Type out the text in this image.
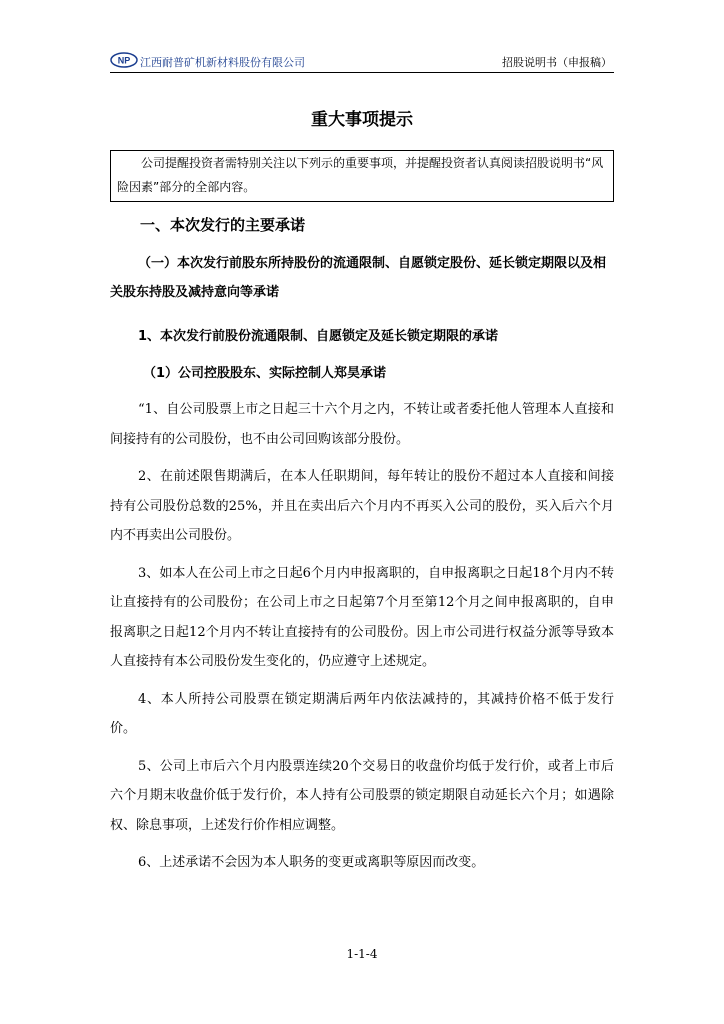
NP 江西耐普矿机新材料股份有限公司	招股说明书（申报稿）
重大事项提示
公司提醒投资者需特别关注以下列示的重要事项，并提醒投资者认真阅读招股说明书“风险因素”部分的全部内容。
一、本次发行的主要承诺
（一）本次发行前股东所持股份的流通限制、自愿锁定股份、延长锁定期限以及相关股东持股及减持意向等承诺
1、本次发行前股份流通限制、自愿锁定及延长锁定期限的承诺
（1）公司控股股东、实际控制人郑昊承诺

“1、自公司股票上市之日起三十六个月之内，不转让或者委托他人管理本人直接和间接持有的公司股份，也不由公司回购该部分股份。

2、在前述限售期满后，在本人任职期间，每年转让的股份不超过本人直接和间接持有公司股份总数的25%，并且在卖出后六个月内不再买入公司的股份，买入后六个月内不再卖出公司股份。

3、如本人在公司上市之日起6个月内申报离职的，自申报离职之日起18个月内不转让直接持有的公司股份；在公司上市之日起第7个月至第12个月之间申报离职的，自申报离职之日起12个月内不转让直接持有的公司股份。因上市公司进行权益分派等导致本人直接持有本公司股份发生变化的，仍应遵守上述规定。

4、本人所持公司股票在锁定期满后两年内依法减持的，其减持价格不低于发行价。

5、公司上市后六个月内股票连续20个交易日的收盘价均低于发行价，或者上市后六个月期末收盘价低于发行价，本人持有公司股票的锁定期限自动延长六个月；如遇除权、除息事项，上述发行价作相应调整。

6、上述承诺不会因为本人职务的变更或离职等原因而改变。

1-1-4
